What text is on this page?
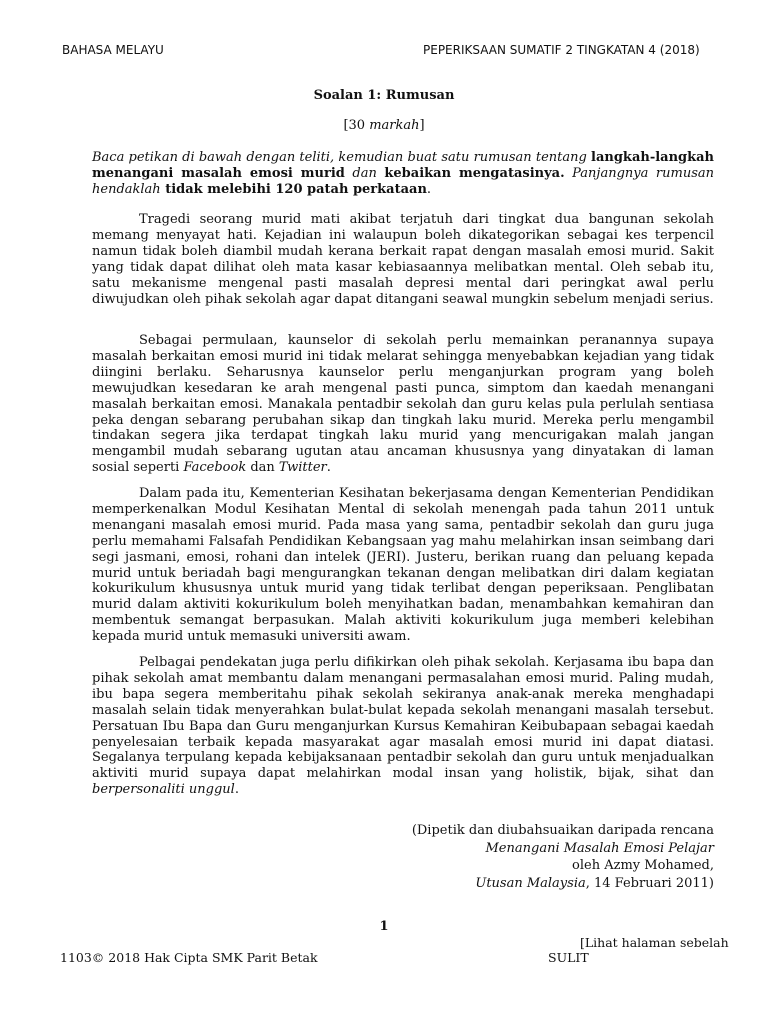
BAHASA MELAYU	PEPERIKSAAN SUMATIF 2 TINGKATAN 4 (2018)
Soalan 1: Rumusan
[30 markah]
Baca petikan di bawah dengan teliti, kemudian buat satu rumusan tentang langkah-langkah menangani masalah emosi murid dan kebaikan mengatasinya. Panjangnya rumusan hendaklah tidak melebihi 120 patah perkataan.
Tragedi seorang murid mati akibat terjatuh dari tingkat dua bangunan sekolah memang menyayat hati. Kejadian ini walaupun boleh dikategorikan sebagai kes terpencil namun tidak boleh diambil mudah kerana berkait rapat dengan masalah emosi murid. Sakit yang tidak dapat dilihat oleh mata kasar kebiasaannya melibatkan mental. Oleh sebab itu, satu mekanisme mengenal pasti masalah depresi mental dari peringkat awal perlu diwujudkan oleh pihak sekolah agar dapat ditangani seawal mungkin sebelum menjadi serius.
Sebagai permulaan, kaunselor di sekolah perlu memainkan peranannya supaya masalah berkaitan emosi murid ini tidak melarat sehingga menyebabkan kejadian yang tidak diingini berlaku. Seharusnya kaunselor perlu menganjurkan program yang boleh mewujudkan kesedaran ke arah mengenal pasti punca, simptom dan kaedah menangani masalah berkaitan emosi. Manakala pentadbir sekolah dan guru kelas pula perlulah sentiasa peka dengan sebarang perubahan sikap dan tingkah laku murid. Mereka perlu mengambil tindakan segera jika terdapat tingkah laku murid yang mencurigakan malah jangan mengambil mudah sebarang ugutan atau ancaman khususnya yang dinyatakan di laman sosial seperti Facebook dan Twitter.
Dalam pada itu, Kementerian Kesihatan bekerjasama dengan Kementerian Pendidikan memperkenalkan Modul Kesihatan Mental di sekolah menengah pada tahun 2011 untuk menangani masalah emosi murid. Pada masa yang sama, pentadbir sekolah dan guru juga perlu memahami Falsafah Pendidikan Kebangsaan yag mahu melahirkan insan seimbang dari segi jasmani, emosi, rohani dan intelek (JERI). Justeru, berikan ruang dan peluang kepada murid untuk beriadah bagi mengurangkan tekanan dengan melibatkan diri dalam kegiatan kokurikulum khususnya untuk murid yang tidak terlibat dengan peperiksaan. Penglibatan murid dalam aktiviti kokurikulum boleh menyihatkan badan, menambahkan kemahiran dan membentuk semangat berpasukan. Malah aktiviti kokurikulum juga memberi kelebihan kepada murid untuk memasuki universiti awam.
Pelbagai pendekatan juga perlu difikirkan oleh pihak sekolah. Kerjasama ibu bapa dan pihak sekolah amat membantu dalam menangani permasalahan emosi murid. Paling mudah, ibu bapa segera memberitahu pihak sekolah sekiranya anak-anak mereka menghadapi masalah selain tidak menyerahkan bulat-bulat kepada sekolah menangani masalah tersebut. Persatuan Ibu Bapa dan Guru menganjurkan Kursus Kemahiran Keibubapaan sebagai kaedah penyelesaian terbaik kepada masyarakat agar masalah emosi murid ini dapat diatasi. Segalanya terpulang kepada kebijaksanaan pentadbir sekolah dan guru untuk menjadualkan aktiviti murid supaya dapat melahirkan modal insan yang holistik, bijak, sihat dan berpersonaliti unggul.
(Dipetik dan diubahsuaikan daripada rencana
Menangani Masalah Emosi Pelajar
oleh Azmy Mohamed,
Utusan Malaysia, 14 Februari 2011)
1
[Lihat halaman sebelah
1103© 2018 Hak Cipta SMK Parit Betak	SULIT
